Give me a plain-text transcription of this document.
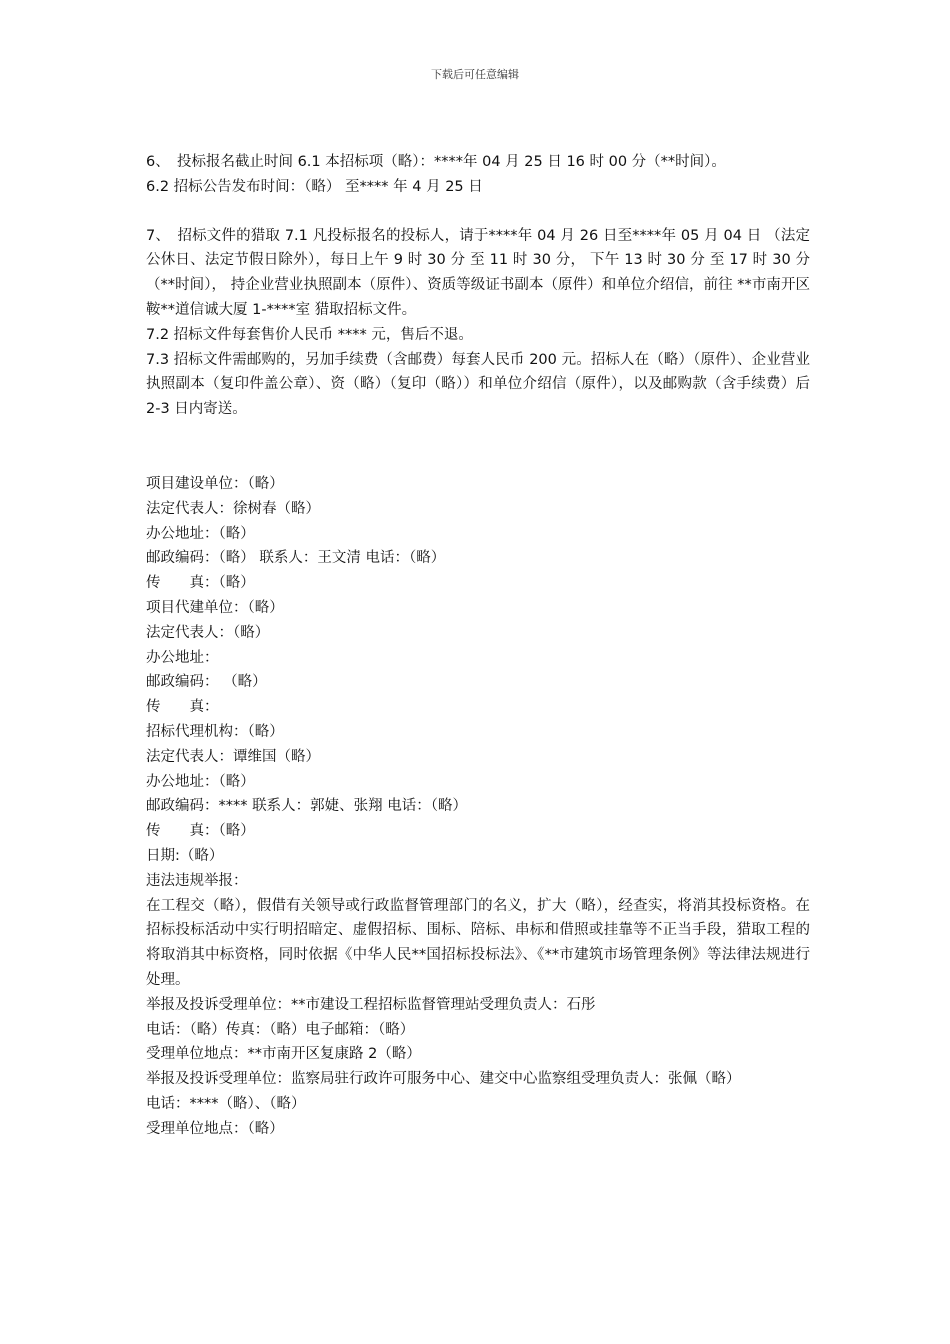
下载后可任意编辑

6、　投标报名截止时间 6.1 本招标项（略）：****年 04 月 25 日 16 时 00 分（**时间）。

6.2 招标公告发布时间：（略） 至**** 年 4 月 25 日

7、　招标文件的猎取 7.1 凡投标报名的投标人，请于****年 04 月 26 日至****年 05 月 04 日 （法定公休日、法定节假日除外），每日上午 9 时 30 分 至 11 时 30 分， 下午 13 时 30 分 至 17 时 30 分（**时间）， 持企业营业执照副本（原件）、资质等级证书副本（原件）和单位介绍信，前往 **市南开区鞍**道信诚大厦 1-****室 猎取招标文件。

7.2 招标文件每套售价人民币 **** 元，售后不退。

7.3 招标文件需邮购的，另加手续费（含邮费）每套人民币 200 元。招标人在（略）（原件）、企业营业执照副本（复印件盖公章）、资（略）（复印（略））和单位介绍信（原件），以及邮购款（含手续费）后 2-3 日内寄送。

项目建设单位：（略）

法定代表人：徐树春（略）

办公地址：（略）

邮政编码：（略） 联系人：王文清 电话：（略）

传　　真：（略）

项目代建单位：（略）

法定代表人：（略）

办公地址：

邮政编码： （略）

传　　真：

招标代理机构：（略）

法定代表人：谭维国（略）

办公地址：（略）

邮政编码：**** 联系人：郭婕、张翔 电话：（略）

传　　真：（略）

日期:（略）

违法违规举报：

在工程交（略），假借有关领导或行政监督管理部门的名义，扩大（略），经查实，将消其投标资格。在招标投标活动中实行明招暗定、虚假招标、围标、陪标、串标和借照或挂靠等不正当手段，猎取工程的将取消其中标资格，同时依据《中华人民**国招标投标法》、《**市建筑市场管理条例》等法律法规进行处理。

举报及投诉受理单位：**市建设工程招标监督管理站受理负责人：石彤

电话：（略）传真：（略）电子邮箱：（略）

受理单位地点：**市南开区复康路 2（略）

举报及投诉受理单位：监察局驻行政许可服务中心、建交中心监察组受理负责人：张佩（略）

电话：****（略）、（略）

受理单位地点：（略）
